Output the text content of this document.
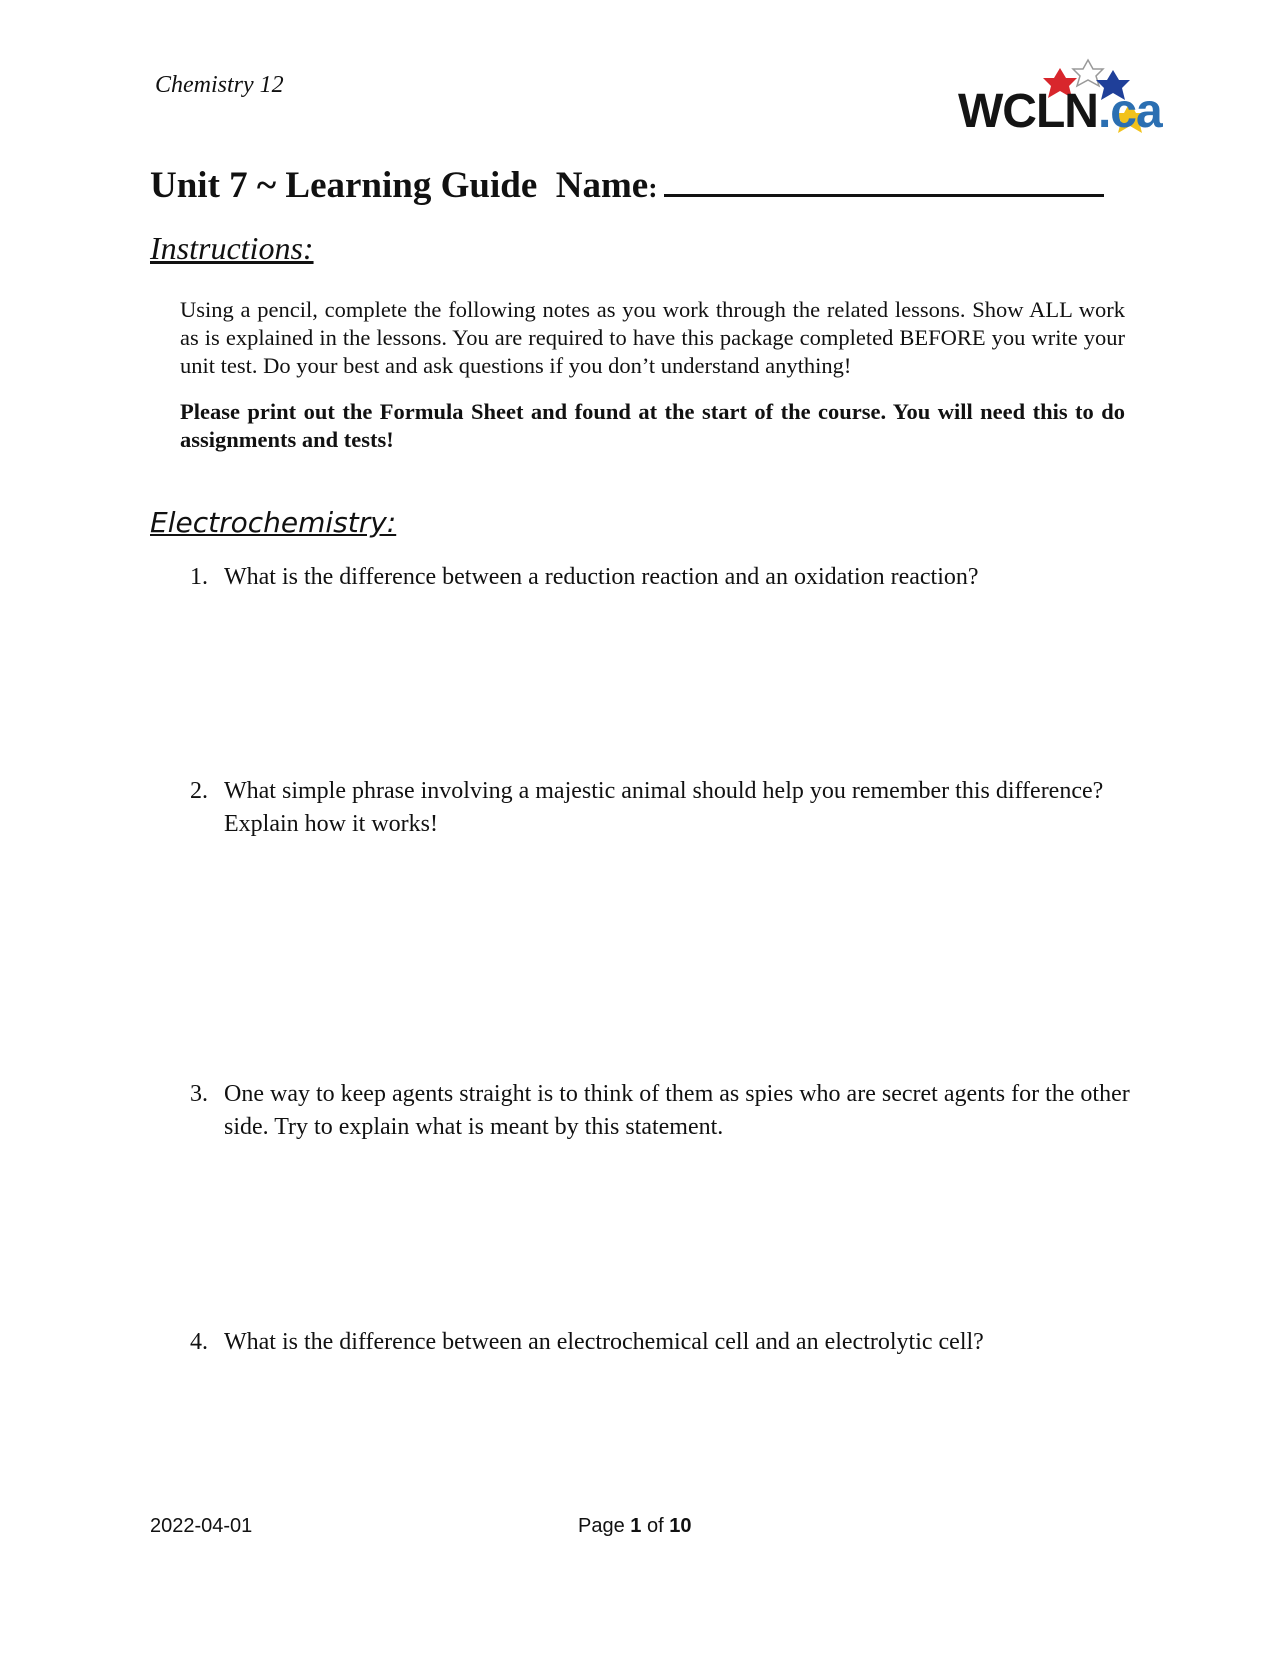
Chemistry 12	WCLN.ca
Unit 7 ~ Learning Guide Name:
Instructions:
Using a pencil, complete the following notes as you work through the related lessons. Show ALL work as is explained in the lessons. You are required to have this package completed BEFORE you write your unit test. Do your best and ask questions if you don’t understand anything!
Please print out the Formula Sheet and found at the start of the course. You will need this to do assignments and tests!
Electrochemistry:
1. What is the difference between a reduction reaction and an oxidation reaction?
2. What simple phrase involving a majestic animal should help you remember this difference? Explain how it works!
3. One way to keep agents straight is to think of them as spies who are secret agents for the other side. Try to explain what is meant by this statement.
4. What is the difference between an electrochemical cell and an electrolytic cell?
2022-04-01	Page 1 of 10
